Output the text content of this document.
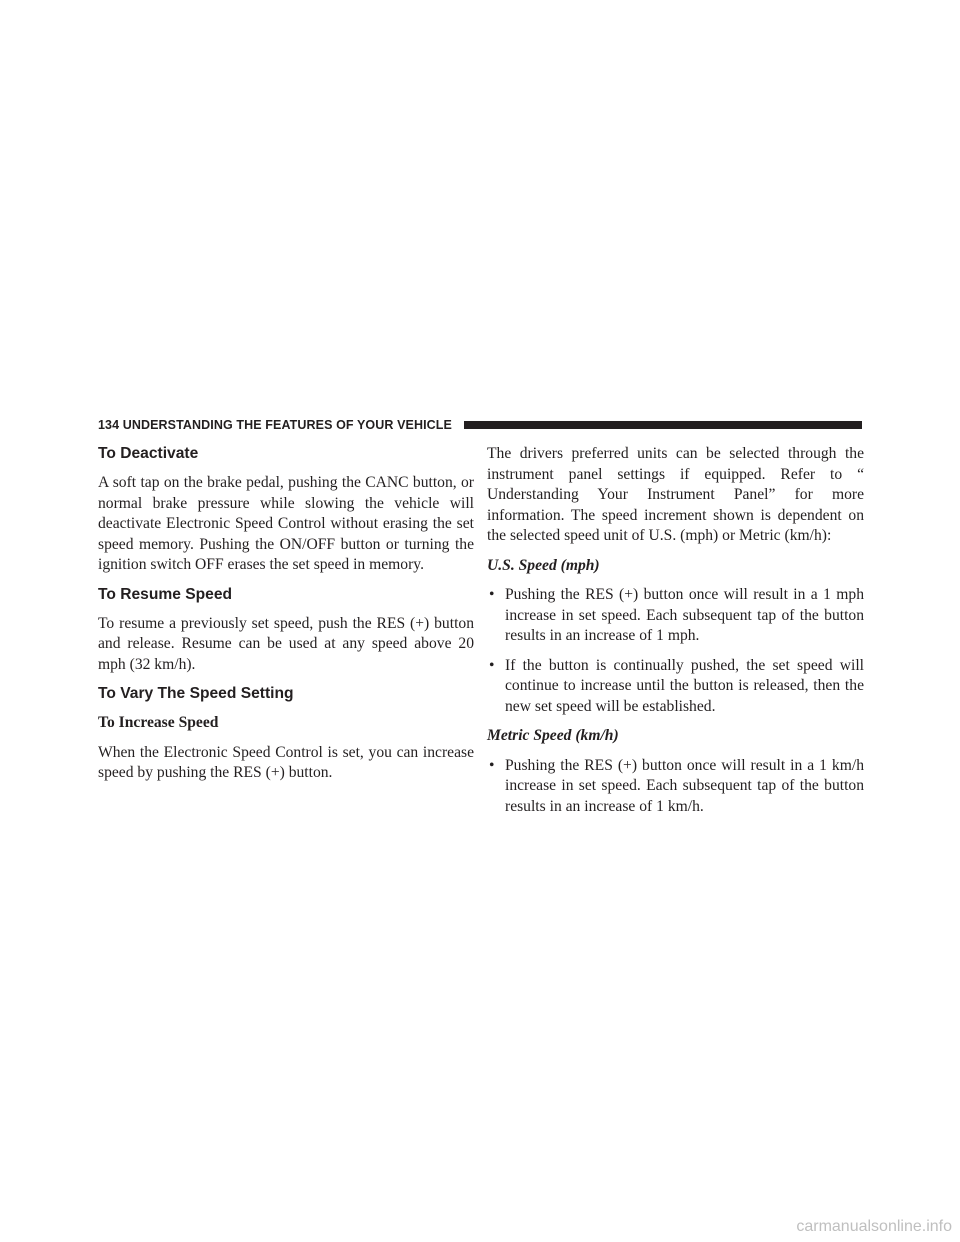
134 UNDERSTANDING THE FEATURES OF YOUR VEHICLE
To Deactivate

A soft tap on the brake pedal, pushing the CANC button, or normal brake pressure while slowing the vehicle will deactivate Electronic Speed Control without erasing the set speed memory. Pushing the ON/OFF button or turning the ignition switch OFF erases the set speed in memory.

To Resume Speed

To resume a previously set speed, push the RES (+) button and release. Resume can be used at any speed above 20 mph (32 km/h).

To Vary The Speed Setting
To Increase Speed

When the Electronic Speed Control is set, you can increase speed by pushing the RES (+) button.

The drivers preferred units can be selected through the instrument panel settings if equipped. Refer to “ Understanding Your Instrument Panel” for more information. The speed increment shown is dependent on the selected speed unit of U.S. (mph) or Metric (km/h):

U.S. Speed (mph)
• Pushing the RES (+) button once will result in a 1 mph increase in set speed. Each subsequent tap of the button results in an increase of 1 mph.
• If the button is continually pushed, the set speed will continue to increase until the button is released, then the new set speed will be established.
Metric Speed (km/h)
• Pushing the RES (+) button once will result in a 1 km/h increase in set speed. Each subsequent tap of the button results in an increase of 1 km/h.
carmanualsonline.info
